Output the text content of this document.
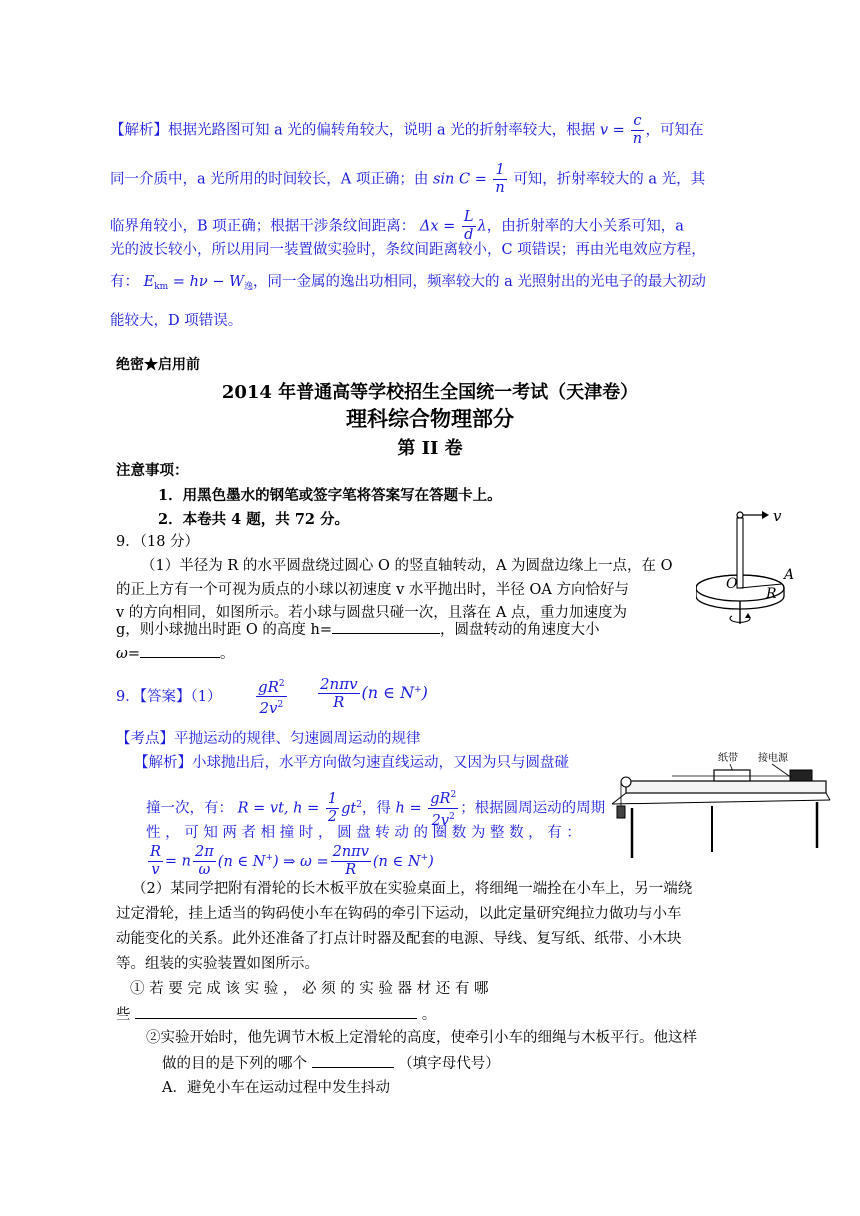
【解析】根据光路图可知 a 光的偏转角较大，说明 a 光的折射率较大，根据 $v = \frac{c}{n}$ ，可知在
同一介质中，a 光所用的时间较长，A 项正确；由 $\sin C = \frac{1}{n}$ 可知，折射率较大的 a 光，其
临界角较小，B 项正确；根据干涉条纹间距离： $\Delta x = \frac{L}{d}$ λ，由折射率的大小关系可知，a
光的波长较小，所以用同一装置做实验时，条纹间距离较小，C 项错误；再由光电效应方程，
有： $E_{km} = h\nu - W_逸$，同一金属的逸出功相同，频率较大的 a 光照射出的光电子的最大初动
能较大，D 项错误。
绝密★启用前
2014 年普通高等学校招生全国统一考试（天津卷）
理科综合物理部分
第 II 卷
注意事项：
1．用黑色墨水的钢笔或签字笔将答案写在答题卡上。
2．本卷共 4 题，共 72 分。
9．（18 分）
（1）半径为 R 的水平圆盘绕过圆心 O 的竖直轴转动，A 为圆盘边缘上一点，在 O
的正上方有一个可视为质点的小球以初速度 v 水平抛出时，半径 OA 方向恰好与
v 的方向相同，如图所示。若小球与圆盘只碰一次，且落在 A 点，重力加速度为
g，则小球抛出时距 O 的高度 h=	，圆盘转动的角速度大小
ω=	。
v
O
A
R
9．【答案】$(1) \frac{gR^2}{2v^2} \frac{\text{2nπv}}{R} (n$ ∈ N+)
【考点】平抛运动的规律、匀速圆周运动的规律
【解析】小球抛出后，水平方向做匀速直线运动，又因为只与圆盘碰
撞一次，有： R = vt, $h = \frac{1}{2} gt^2$，得 $h = \frac{gR^2}{2v^2}$ ；根据圆周运动的周期
性 ， 可 知 两 者 相 撞 时 ， 圆 盘 转 动 的 圈 数 为 整 数 ， 有 ：
$\frac{R}{v} = n \frac{2\pi}{\omega} (n$ ∈ N+) ⇒ $\omega = \frac{\text{2nπv}}{R} (n$ ∈ N+)
纸带 接电源
（2）某同学把附有滑轮的长木板平放在实验桌面上，将细绳一端拴在小车上，另一端绕
过定滑轮，挂上适当的钩码使小车在钩码的牵引下运动，以此定量研究绳拉力做功与小车
动能变化的关系。此外还准备了打点计时器及配套的电源、导线、复写纸、纸带、小木块
等。组装的实验装置如图所示。
① 若 要 完 成 该 实 验 ， 必 须 的 实 验 器 材 还 有 哪
些	。
②实验开始时，他先调节木板上定滑轮的高度，使牵引小车的细绳与木板平行。他这样
做的目的是下列的哪个	（填字母代号）
A．避免小车在运动过程中发生抖动
